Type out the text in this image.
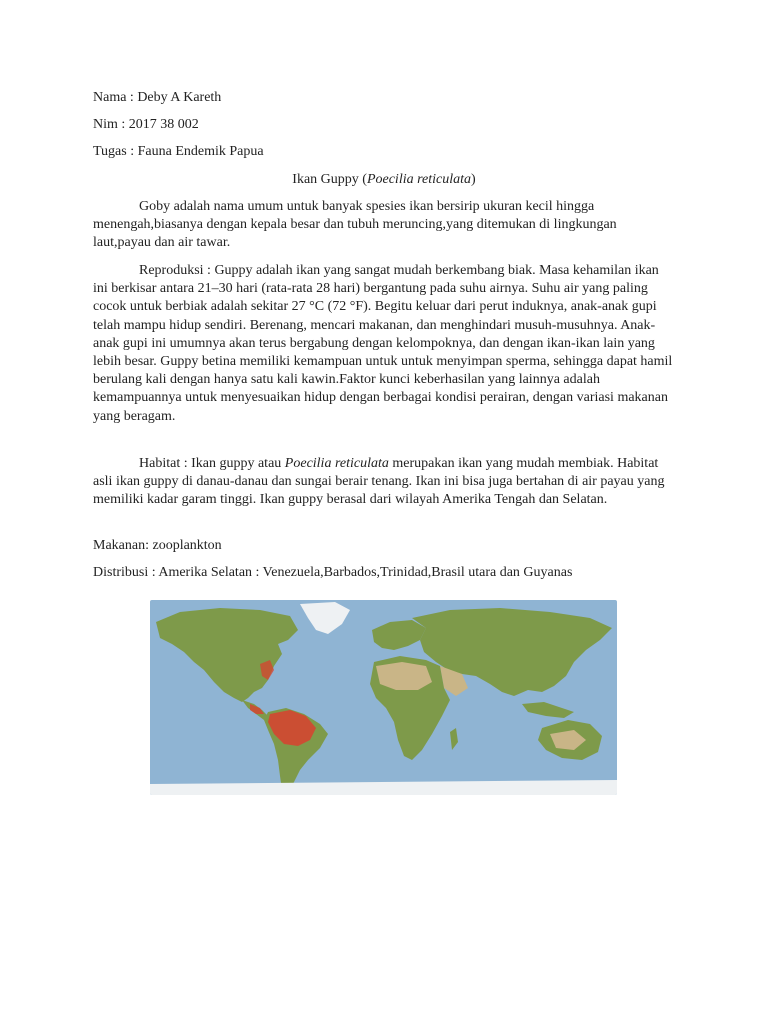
Nama : Deby A Kareth
Nim : 2017 38 002
Tugas : Fauna Endemik Papua
Ikan Guppy (Poecilia reticulata)
Goby adalah nama umum untuk banyak spesies ikan bersirip ukuran kecil hingga menengah,biasanya dengan kepala besar dan tubuh meruncing,yang ditemukan di lingkungan laut,payau dan air tawar.
Reproduksi : Guppy adalah ikan yang sangat mudah berkembang biak. Masa kehamilan ikan ini berkisar antara 21–30 hari (rata-rata 28 hari) bergantung pada suhu airnya. Suhu air yang paling cocok untuk berbiak adalah sekitar 27 °C (72 °F). Begitu keluar dari perut induknya, anak-anak gupi telah mampu hidup sendiri. Berenang, mencari makanan, dan menghindari musuh-musuhnya. Anak-anak gupi ini umumnya akan terus bergabung dengan kelompoknya, dan dengan ikan-ikan lain yang lebih besar. Guppy betina memiliki kemampuan untuk untuk menyimpan sperma, sehingga dapat hamil berulang kali dengan hanya satu kali kawin.Faktor kunci keberhasilan yang lainnya adalah kemampuannya untuk menyesuaikan hidup dengan berbagai kondisi perairan, dengan variasi makanan yang beragam.
Habitat : Ikan guppy atau Poecilia reticulata merupakan ikan yang mudah membiak. Habitat asli ikan guppy di danau-danau dan sungai berair tenang. Ikan ini bisa juga bertahan di air payau yang memiliki kadar garam tinggi. Ikan guppy berasal dari wilayah Amerika Tengah dan Selatan.
Makanan: zooplankton
Distribusi : Amerika Selatan : Venezuela,Barbados,Trinidad,Brasil utara dan Guyanas
